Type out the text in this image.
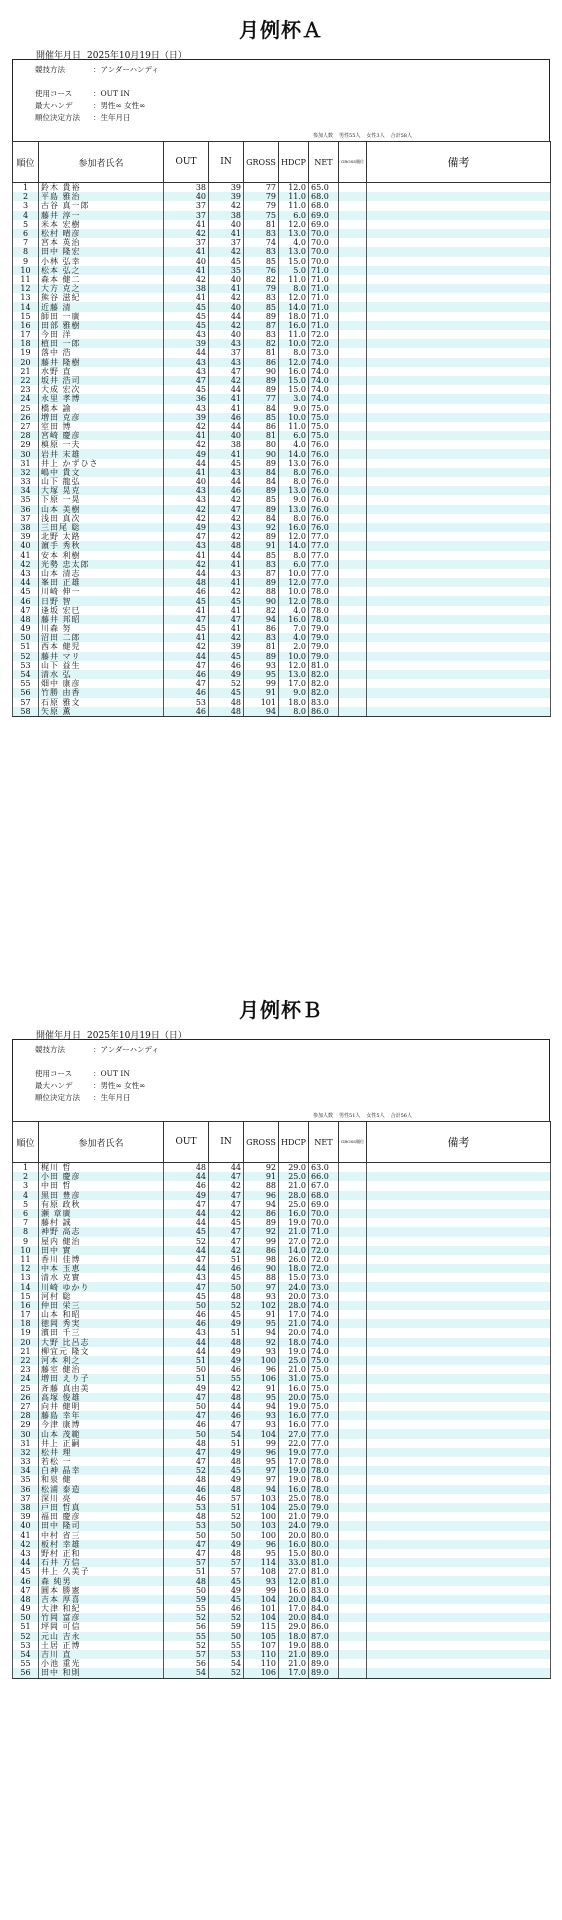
月例杯Ａ
開催年月日 2025年10月19日（日）
競技方法	：アンダーハンディ
使用コース	：OUT IN
最大ハンデ	：男性∞ 女性∞
順位決定方法 ：生年月日
参加人数 男性55人 女性3人 合計58人
順位	参加者氏名	OUT	IN	GROSS	HDCP	NET	GROSS順位	備考
1	鈴木 貴裕	38	39	77	12.0	65.0		
2	平島 雅治	40	39	79	11.0	68.0		
3	古谷 真一郎	37	42	79	11.0	68.0		
4	藤井 淳一	37	38	75	6.0	69.0		
5	米本 宏樹	41	40	81	12.0	69.0		
6	松村 晴彦	42	41	83	13.0	70.0		
7	宮本 英治	37	37	74	4.0	70.0		
8	田中 隆宏	41	42	83	13.0	70.0		
9	小林 弘幸	40	45	85	15.0	70.0		
10	松本 弘之	41	35	76	5.0	71.0		
11	森本 健二	42	40	82	11.0	71.0		
12	大方 克之	38	41	79	8.0	71.0		
13	熊谷 滋紀	41	42	83	12.0	71.0		
14	近藤 清	45	40	85	14.0	71.0		
15	師田 一廣	45	44	89	18.0	71.0		
16	田部 雅樹	45	42	87	16.0	71.0		
17	今田 洋	43	40	83	11.0	72.0		
18	植田 一郎	39	43	82	10.0	72.0		
19	落中 浩	44	37	81	8.0	73.0		
20	藤井 隆樹	43	43	86	12.0	74.0		
21	水野 直	43	47	90	16.0	74.0		
22	坂井 浩司	47	42	89	15.0	74.0		
23	大成 宏次	45	44	89	15.0	74.0		
24	永里 孝博	36	41	77	3.0	74.0		
25	橋本 諭	43	41	84	9.0	75.0		
26	増田 克彦	39	46	85	10.0	75.0		
27	室田 博	42	44	86	11.0	75.0		
28	宮崎 慶彦	41	40	81	6.0	75.0		
29	槙原 一夫	42	38	80	4.0	76.0		
30	岩井 末雄	49	41	90	14.0	76.0		
31	井上 かずひさ	44	45	89	13.0	76.0		
32	嶋中 貴文	41	43	84	8.0	76.0		
33	山下 龍弘	40	44	84	8.0	76.0		
34	大塚 晃克	43	46	89	13.0	76.0		
35	下原 一晃	43	42	85	9.0	76.0		
36	山本 美樹	42	47	89	13.0	76.0		
37	浅田 真次	42	42	84	8.0	76.0		
38	三田尾 聡	49	43	92	16.0	76.0		
39	北野 太路	47	42	89	12.0	77.0		
40	濵手 秀秋	43	48	91	14.0	77.0		
41	安本 利樹	41	44	85	8.0	77.0		
42	光勢 忠太郎	42	41	83	6.0	77.0		
43	山本 清志	44	43	87	10.0	77.0		
44	峯田 正雄	48	41	89	12.0	77.0		
45	川崎 伸一	46	42	88	10.0	78.0		
46	日野 智	45	45	90	12.0	78.0		
47	逢坂 宏巳	41	41	82	4.0	78.0		
48	藤井 邦昭	47	47	94	16.0	78.0		
49	川森 努	45	41	86	7.0	79.0		
50	沼田 二郎	41	42	83	4.0	79.0		
51	西本 健児	42	39	81	2.0	79.0		
52	藤井 マリ	44	45	89	10.0	79.0		
53	山下 益生	47	46	93	12.0	81.0		
54	清水 弘	46	49	95	13.0	82.0		
55	畑中 康彦	47	52	99	17.0	82.0		
56	竹勝 由香	46	45	91	9.0	82.0		
57	石原 雅文	53	48	101	18.0	83.0		
58	矢原 薫	46	48	94	8.0	86.0		
月例杯Ｂ
開催年月日 2025年10月19日（日）
競技方法	：アンダーハンディ
使用コース	：OUT IN
最大ハンデ	：男性∞ 女性∞
順位決定方法 ：生年月日
参加人数 男性51人 女性5人 合計56人
順位	参加者氏名	OUT	IN	GROSS	HDCP	NET	GROSS順位	備考
1	梶川 哲	48	44	92	29.0	63.0		
2	小田 慶彦	44	47	91	25.0	66.0		
3	中田 哲	46	42	88	21.0	67.0		
4	黒田 豊彦	49	47	96	28.0	68.0		
5	有原 政秋	47	47	94	25.0	69.0		
6	瀬 章廣	44	42	86	16.0	70.0		
7	藤村 誠	44	45	89	19.0	70.0		
8	神野 高志	45	47	92	21.0	71.0		
9	屋内 健治	52	47	99	27.0	72.0		
10	田中 實	44	42	86	14.0	72.0		
11	香川 佳博	47	51	98	26.0	72.0		
12	中本 玉恵	44	46	90	18.0	72.0		
13	清水 克實	43	45	88	15.0	73.0		
14	川崎 ゆかり	47	50	97	24.0	73.0		
15	河村 聡	45	48	93	20.0	73.0		
16	仲田 栄三	50	52	102	28.0	74.0		
17	山本 和昭	46	45	91	17.0	74.0		
18	徳岡 秀実	46	49	95	21.0	74.0		
19	濱田 千三	43	51	94	20.0	74.0		
20	大野 比呂志	44	48	92	18.0	74.0		
21	柳宜元 隆文	44	49	93	19.0	74.0		
22	河本 利之	51	49	100	25.0	75.0		
23	藤室 健治	50	46	96	21.0	75.0		
24	増田 えり子	51	55	106	31.0	75.0		
25	斉藤 真由美	49	42	91	16.0	75.0		
26	高塚 俊雄	47	48	95	20.0	75.0		
27	向井 健明	50	44	94	19.0	75.0		
28	藤島 幸年	47	46	93	16.0	77.0		
29	今津 康博	46	47	93	16.0	77.0		
30	山本 茂範	50	54	104	27.0	77.0		
31	井上 正嗣	48	51	99	22.0	77.0		
32	松井 理	47	49	96	19.0	77.0		
33	若松 一	47	48	95	17.0	78.0		
34	白神 晶幸	52	45	97	19.0	78.0		
35	和泉 健	48	49	97	19.0	78.0		
36	松浦 泰造	46	48	94	16.0	78.0		
37	深川 亮	46	57	103	25.0	78.0		
38	戸田 哲真	53	51	104	25.0	79.0		
39	福田 慶彦	48	52	100	21.0	79.0		
40	田中 隆司	53	50	103	24.0	79.0		
41	中村 省三	50	50	100	20.0	80.0		
42	板村 幸雄	47	49	96	16.0	80.0		
43	野村 正和	47	48	95	15.0	80.0		
44	石井 方信	57	57	114	33.0	81.0		
45	井上 久美子	51	57	108	27.0	81.0		
46	森 純男	48	45	93	12.0	81.0		
47	圓本 勝憲	50	49	99	16.0	83.0		
48	吉本 厚喜	59	45	104	20.0	84.0		
49	大津 和紀	55	46	101	17.0	84.0		
50	竹岡 富彦	52	52	104	20.0	84.0		
51	坪岡 可信	56	59	115	29.0	86.0		
52	元山 吉永	55	50	105	18.0	87.0		
53	土居 正博	52	55	107	19.0	88.0		
54	吉川 直	57	53	110	21.0	89.0		
55	小池 重光	56	54	110	21.0	89.0		
56	田中 和則	54	52	106	17.0	89.0		
